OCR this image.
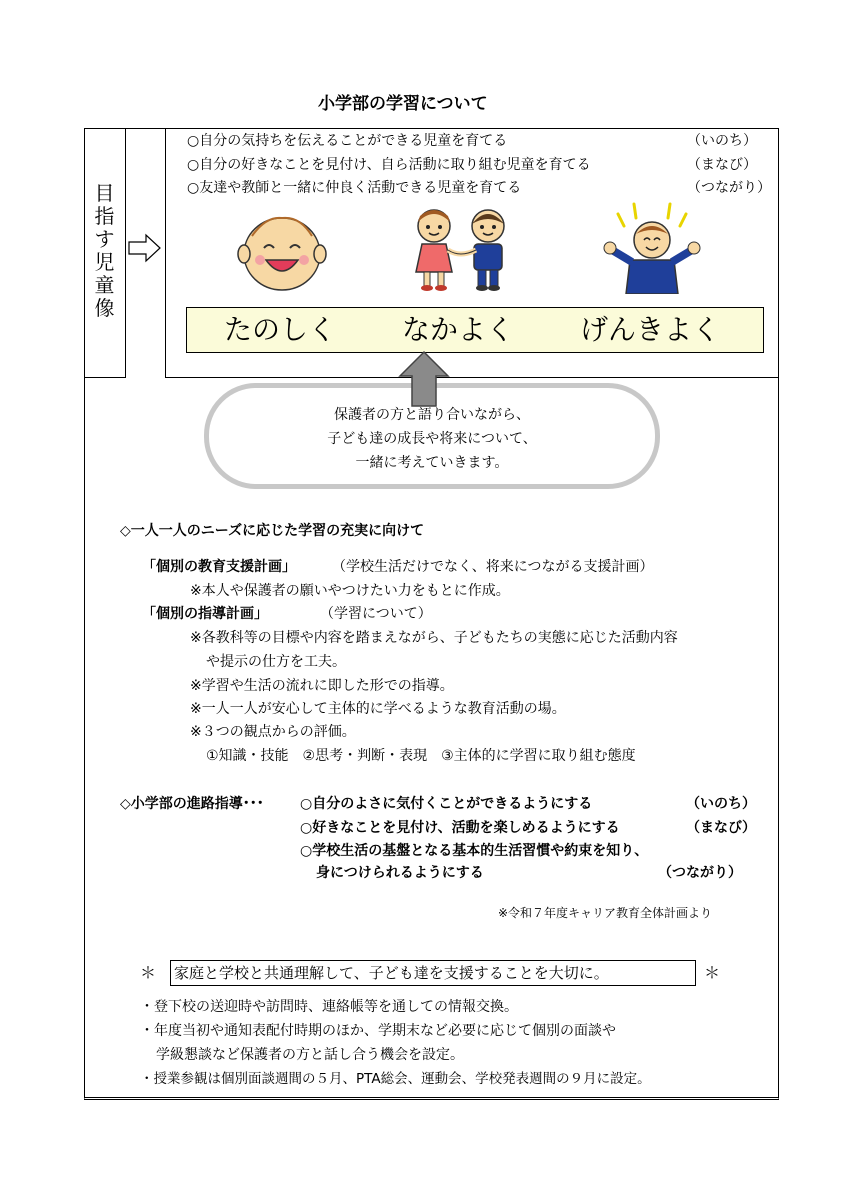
小学部の学習について
目
指
す
児
童
像
○自分の気持ちを伝えることができる児童を育てる	（いのち）
○自分の好きなことを見付け、自ら活動に取り組む児童を育てる	（まなび）
○友達や教師と一緒に仲良く活動できる児童を育てる	（つながり）
たのしく なかよく げんきよく
保護者の方と語り合いながら、
子ども達の成長や将来について、
一緒に考えていきます。
◇一人一人のニーズに応じた学習の充実に向けて
「個別の教育支援計画」	（学校生活だけでなく、将来につながる支援計画）
※本人や保護者の願いやつけたい力をもとに作成。
「個別の指導計画」	（学習について）
※各教科等の目標や内容を踏まえながら、子どもたちの実態に応じた活動内容
や提示の仕方を工夫。
※学習や生活の流れに即した形での指導。
※一人一人が安心して主体的に学べるような教育活動の場。
※３つの観点からの評価。
①知識・技能　②思考・判断・表現　③主体的に学習に取り組む態度
◇小学部の進路指導･･･	○自分のよさに気付くことができるようにする	（いのち）
○好きなことを見付け、活動を楽しめるようにする	（まなび）
○学校生活の基盤となる基本的生活習慣や約束を知り、
身につけられるようにする	（つながり）
※令和７年度キャリア教育全体計画より
＊ 家庭と学校と共通理解して、子ども達を支援することを大切に。	＊
・登下校の送迎時や訪問時、連絡帳等を通しての情報交換。
・年度当初や通知表配付時期のほか、学期末など必要に応じて個別の面談や
学級懇談など保護者の方と話し合う機会を設定。
・授業参観は個別面談週間の５月、PTA総会、運動会、学校発表週間の９月に設定。
